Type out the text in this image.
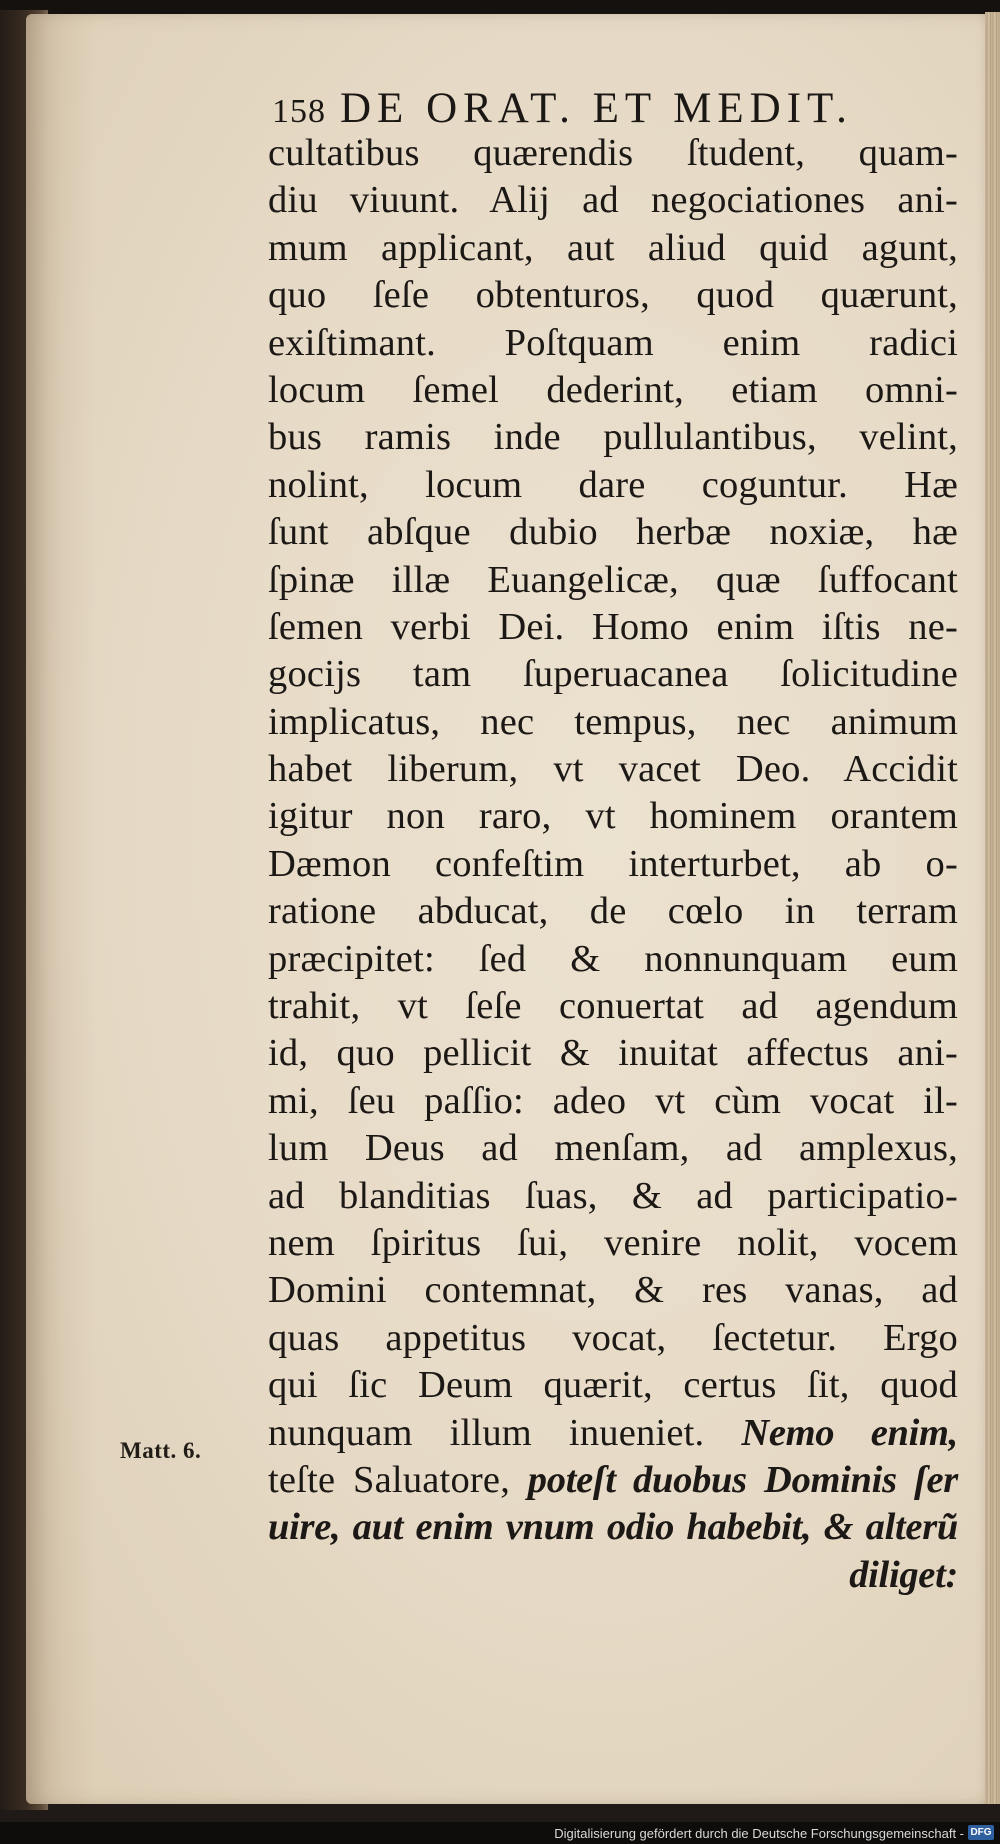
158 DE ORAT. ET MEDIT.
Matt. 6.
cultatibus quærendis ſtudent, quam-
diu viuunt. Alij ad negociationes ani-
mum applicant, aut aliud quid agunt,
quo ſeſe obtenturos, quod quærunt,
exiſtimant. Poſtquam enim radici
locum ſemel dederint, etiam omni-
bus ramis inde pullulantibus, velint,
nolint, locum dare coguntur. Hæ
ſunt abſque dubio herbæ noxiæ, hæ
ſpinæ illæ Euangelicæ, quæ ſuffocant
ſemen verbi Dei. Homo enim iſtis ne-
gocijs tam ſuperuacanea ſolicitudine
implicatus, nec tempus, nec animum
habet liberum, vt vacet Deo. Accidit
igitur non raro, vt hominem orantem
Dæmon confeſtim interturbet, ab o-
ratione abducat, de cœlo in terram
præcipitet: ſed & nonnunquam eum
trahit, vt ſeſe conuertat ad agendum
id, quo pellicit & inuitat affectus ani-
mi, ſeu paſſio: adeo vt cùm vocat il-
lum Deus ad menſam, ad amplexus,
ad blanditias ſuas, & ad participatio-
nem ſpiritus ſui, venire nolit, vocem
Domini contemnat, & res vanas, ad
quas appetitus vocat, ſectetur. Ergo
qui ſic Deum quærit, certus ſit, quod
nunquam illum inueniet. Nemo enim,
teſte Saluatore, poteſt duobus Dominis ſer
uire, aut enim vnum odio habebit, & alterũ
diliget:
Digitalisierung gefördert durch die Deutsche Forschungsgemeinschaft - DFG
